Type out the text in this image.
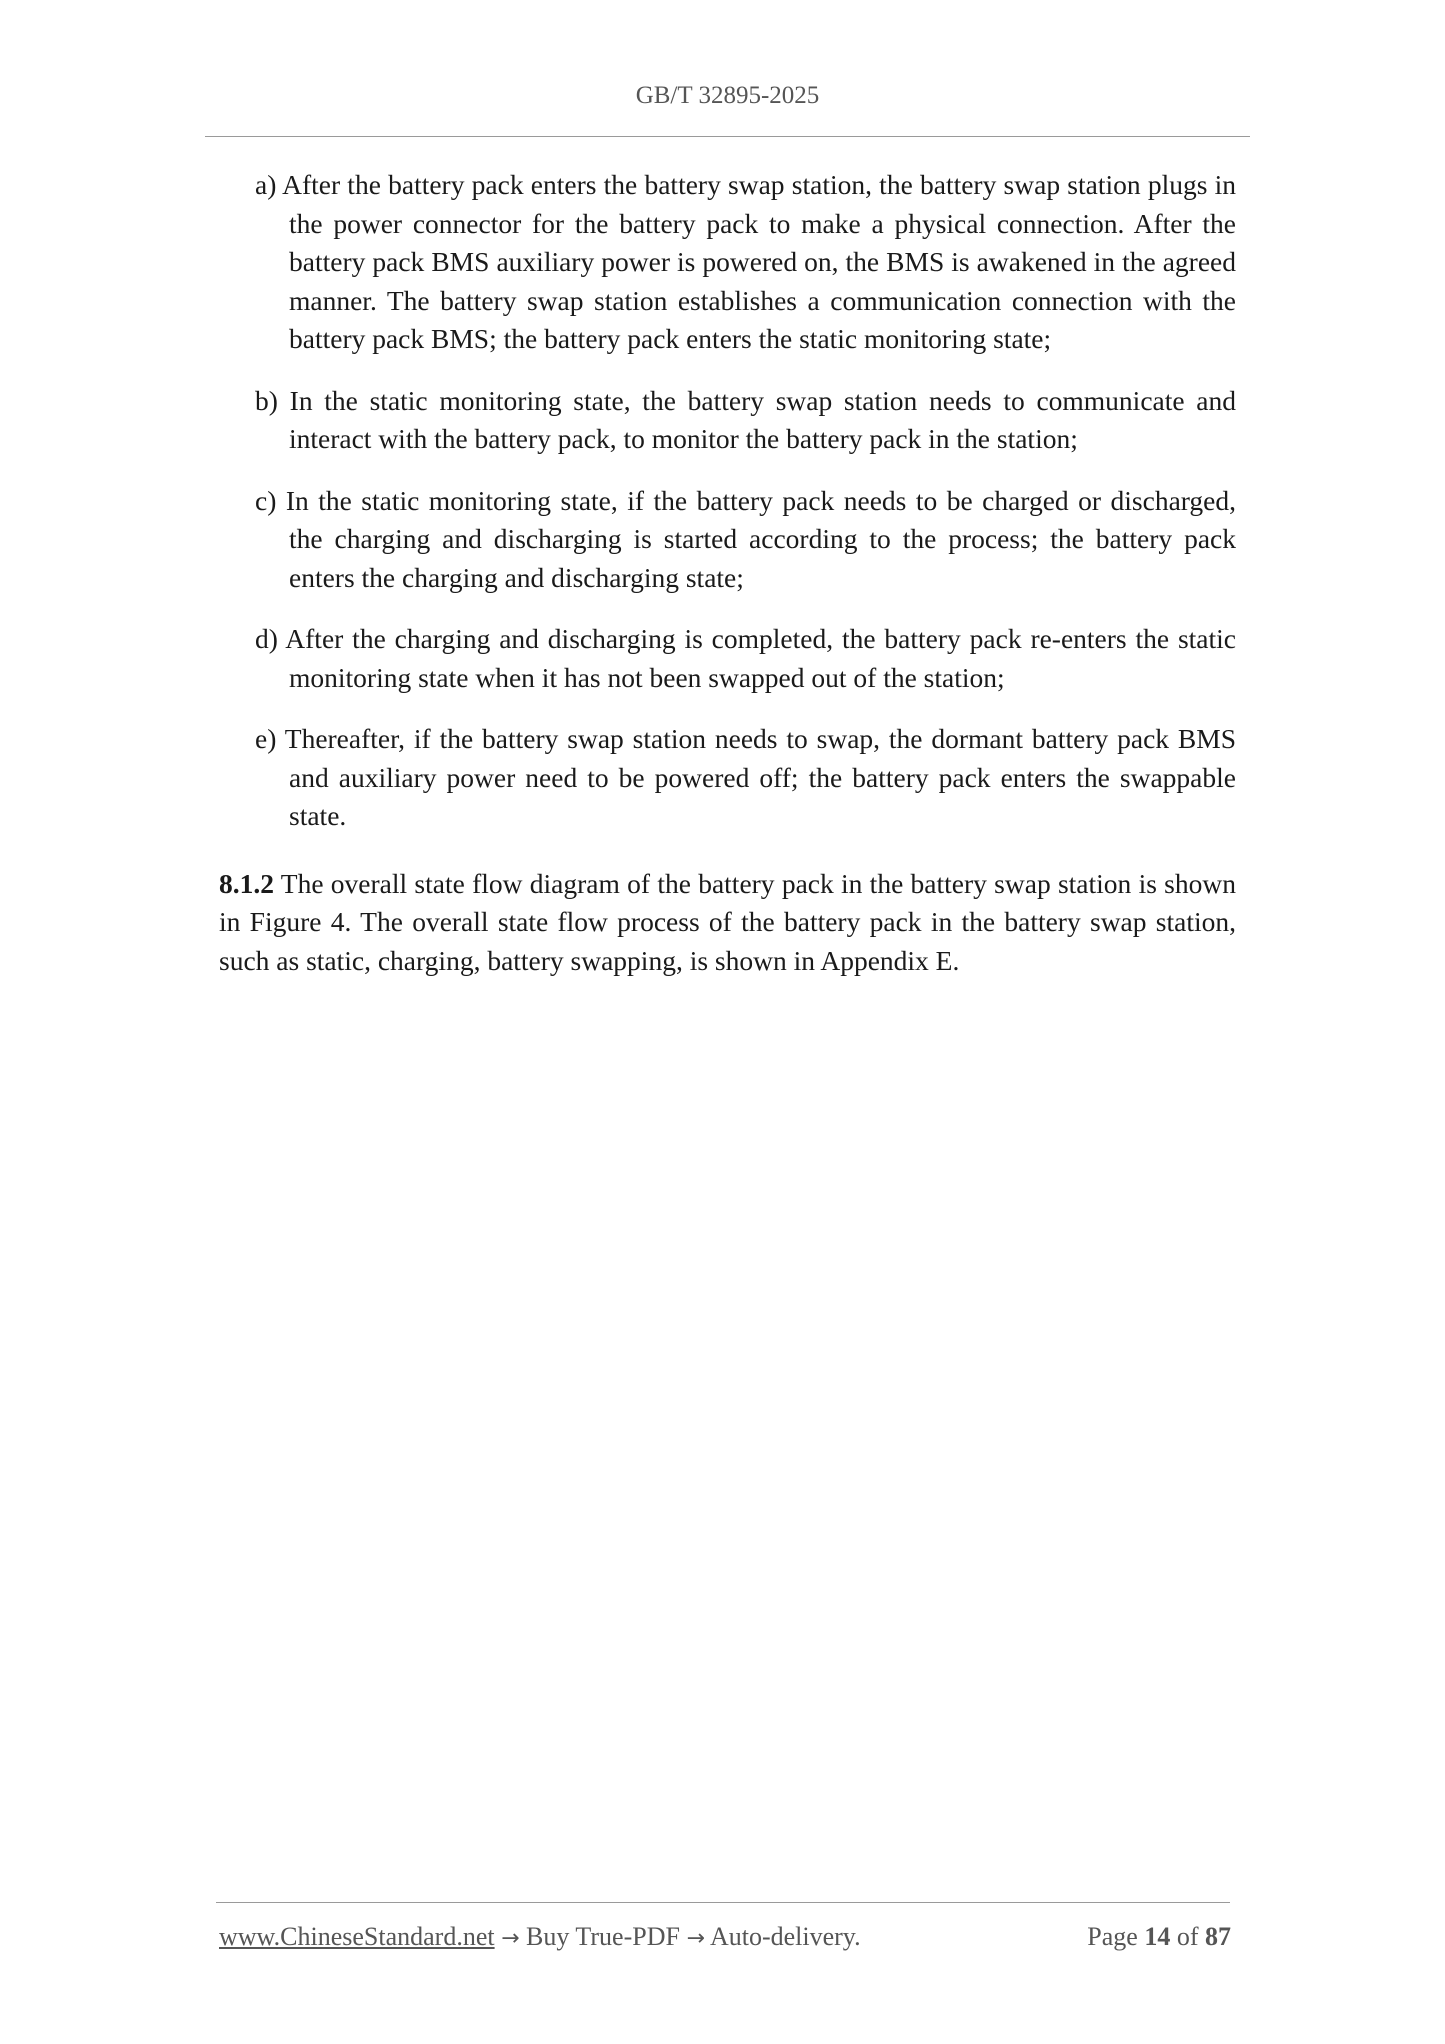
GB/T 32895-2025
a) After the battery pack enters the battery swap station, the battery swap station plugs in the power connector for the battery pack to make a physical connection. After the battery pack BMS auxiliary power is powered on, the BMS is awakened in the agreed manner. The battery swap station establishes a communication connection with the battery pack BMS; the battery pack enters the static monitoring state;
b) In the static monitoring state, the battery swap station needs to communicate and interact with the battery pack, to monitor the battery pack in the station;
c) In the static monitoring state, if the battery pack needs to be charged or discharged, the charging and discharging is started according to the process; the battery pack enters the charging and discharging state;
d) After the charging and discharging is completed, the battery pack re-enters the static monitoring state when it has not been swapped out of the station;
e) Thereafter, if the battery swap station needs to swap, the dormant battery pack BMS and auxiliary power need to be powered off; the battery pack enters the swappable state.
8.1.2 The overall state flow diagram of the battery pack in the battery swap station is shown in Figure 4. The overall state flow process of the battery pack in the battery swap station, such as static, charging, battery swapping, is shown in Appendix E.
www.ChineseStandard.net → Buy True-PDF → Auto-delivery.	Page 14 of 87
